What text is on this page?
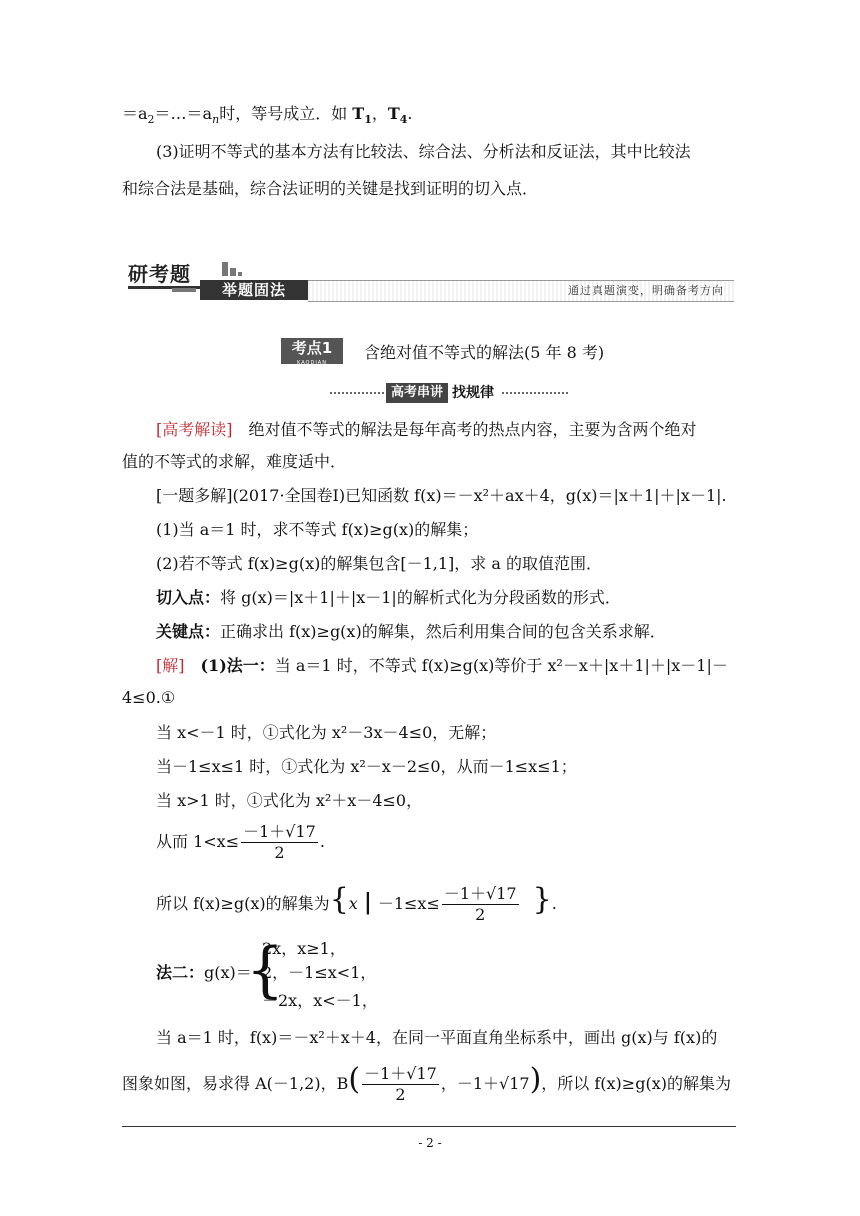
$=a_2=\dots=a_n$时，等号成立．如 $T_1$，$T_4$.
(3)证明不等式的基本方法有比较法、综合法、分析法和反证法，其中比较法
和综合法是基础，综合法证明的关键是找到证明的切入点．
研考题
举题固法	通过真题演变，明确备考方向
考点1
KAODIAN
含绝对值不等式的解法(5 年 8 考)
高考串讲 找规律
[高考解读]　绝对值不等式的解法是每年高考的热点内容，主要为含两个绝对
值的不等式的求解，难度适中．
[一题多解](2017·全国卷Ⅰ)已知函数 f(x)＝－x²＋ax＋4，g(x)＝|x＋1|＋|x－1|.
(1)当 a＝1 时，求不等式 f(x)≥g(x)的解集；
(2)若不等式 f(x)≥g(x)的解集包含[－1,1]，求 a 的取值范围．
切入点：将 g(x)＝|x＋1|＋|x－1|的解析式化为分段函数的形式．
关键点：正确求出 f(x)≥g(x)的解集，然后利用集合间的包含关系求解．
[解]　 (1)法一：当 a＝1 时，不等式 f(x)≥g(x)等价于 x²－x＋|x＋1|＋|x－1|－
4≤0.①
当 x<－1 时，①式化为 x²－3x－4≤0，无解；
当－1≤x≤1 时，①式化为 x²－x－2≤0，从而－1≤x≤1；
当 x>1 时，①式化为 x²＋x－4≤0，
从而 $1<x\le \frac{-1+√17}{2}$ .
所以 f(x)≥g(x)的解集为{x | $-1\le x\le \frac{-1+√17}{2}$ }.
法二：g(x)＝
{
2x，x≥1，
2，－1≤x<1，
－2x，x<－1，
当 a＝1 时，f(x)＝－x²＋x＋4，在同一平面直角坐标系中，画出 g(x)与 f(x)的
图象如图，易求得 A(－1,2)，$B( \frac{-1+√17}{2}$ ，－1＋√17)，所以 f(x)≥g(x)的解集为
- 2 -
